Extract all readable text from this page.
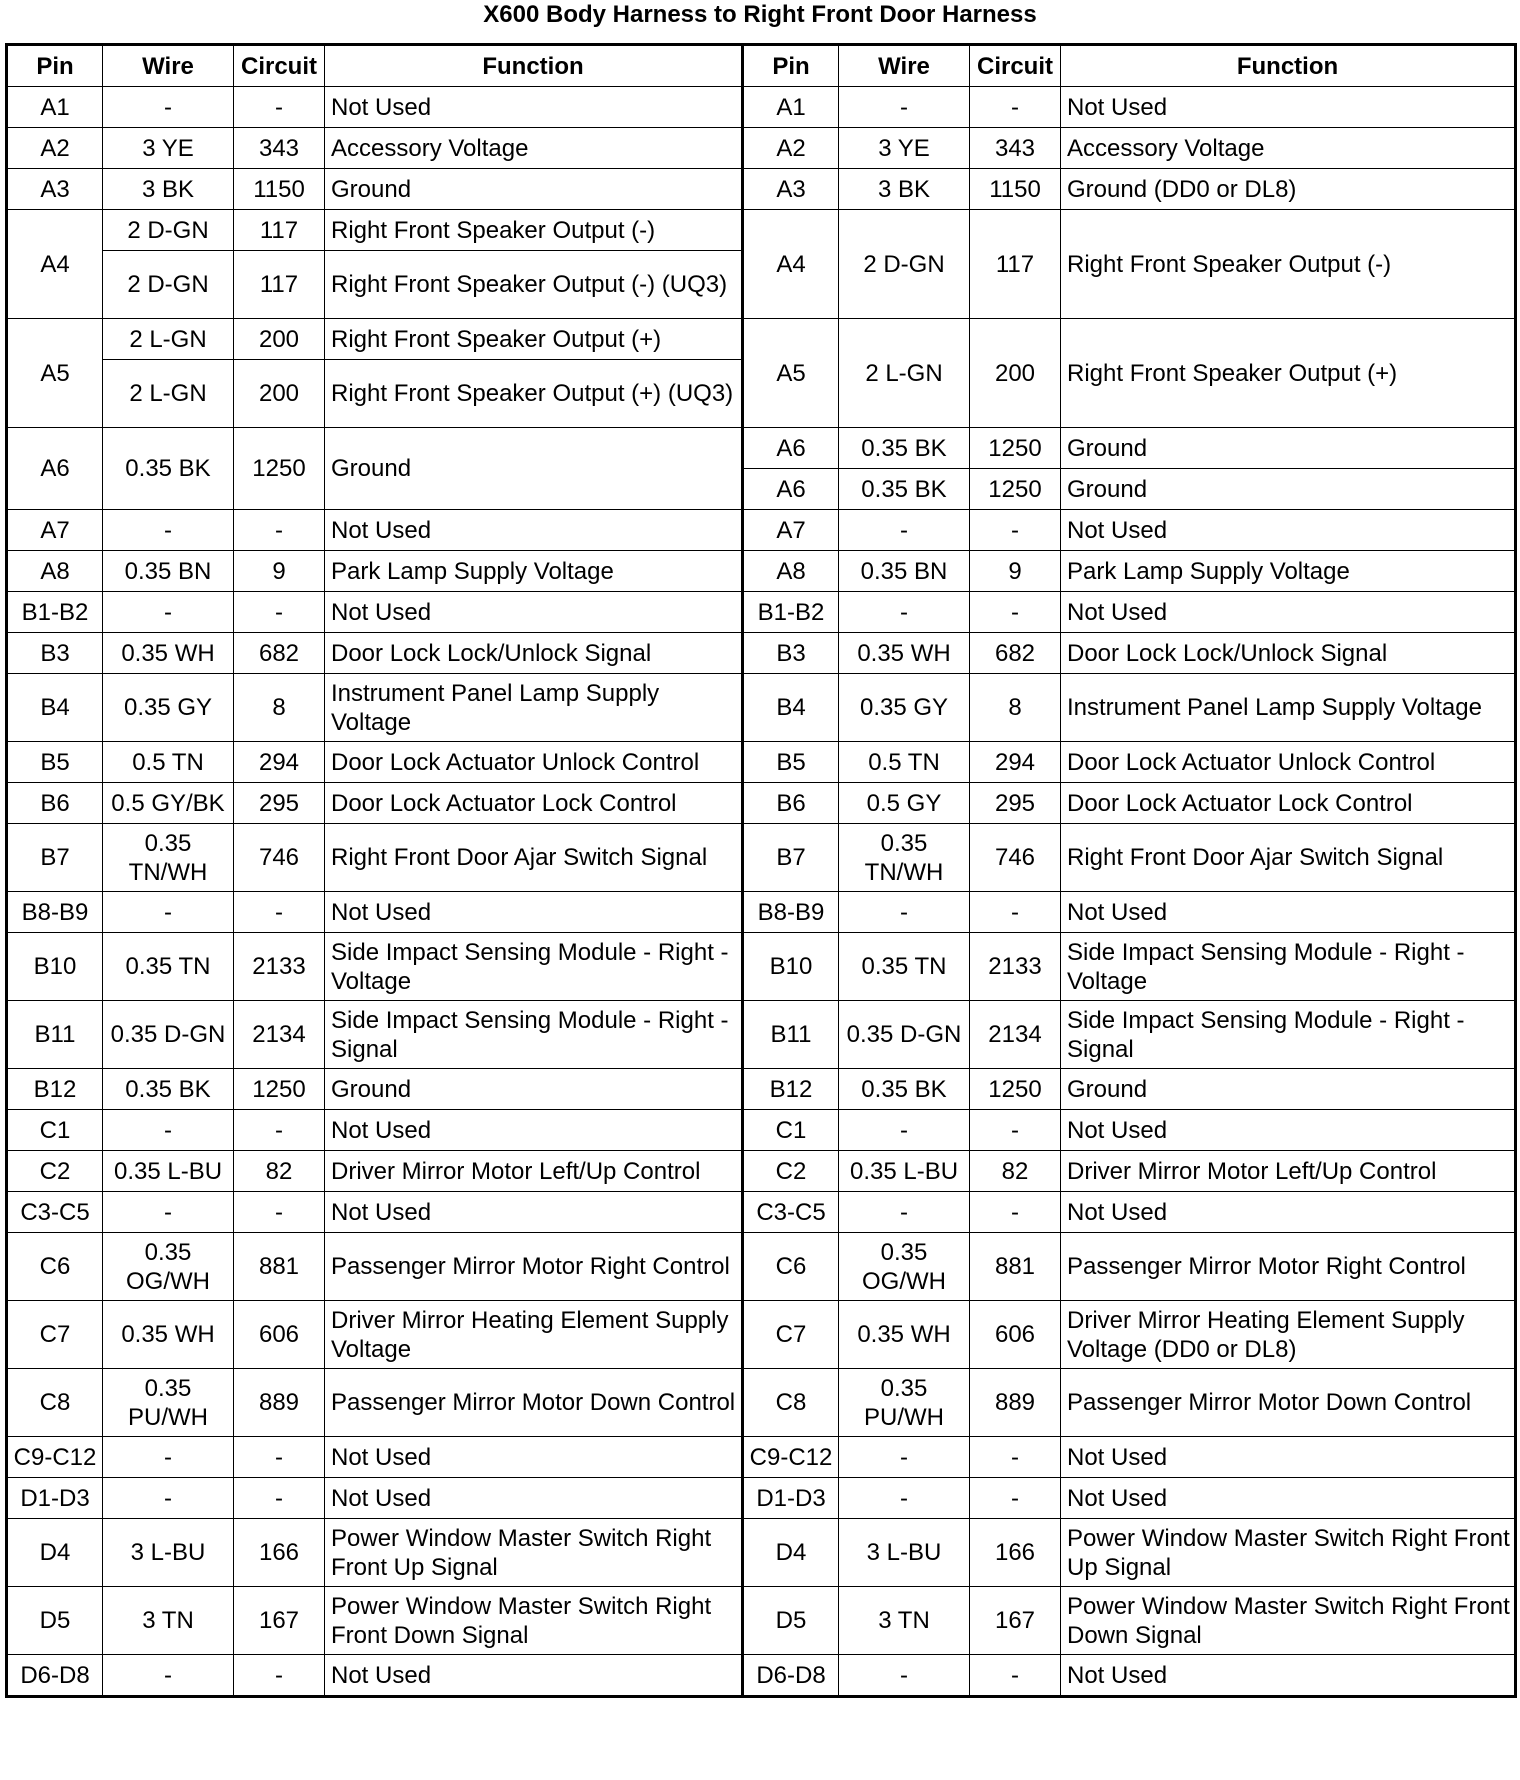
X600 Body Harness to Right Front Door Harness
Pin	Wire	Circuit	Function	Pin	Wire	Circuit	Function
A1	-	-	Not Used	A1	-	-	Not Used
A2	3 YE	343	Accessory Voltage	A2	3 YE	343	Accessory Voltage
A3	3 BK	1150	Ground	A3	3 BK	1150	Ground (DD0 or DL8)
A4	2 D-GN	117	Right Front Speaker Output (-)	A4	2 D-GN	117	Right Front Speaker Output (-)
	2 D-GN	117	Right Front Speaker Output (-) (UQ3)				
A5	2 L-GN	200	Right Front Speaker Output (+)	A5	2 L-GN	200	Right Front Speaker Output (+)
	2 L-GN	200	Right Front Speaker Output (+) (UQ3)				
A6	0.35 BK	1250	Ground	A6	0.35 BK	1250	Ground
				A6	0.35 BK	1250	Ground
A7	-	-	Not Used	A7	-	-	Not Used
A8	0.35 BN	9	Park Lamp Supply Voltage	A8	0.35 BN	9	Park Lamp Supply Voltage
B1-B2	-	-	Not Used	B1-B2	-	-	Not Used
B3	0.35 WH	682	Door Lock Lock/Unlock Signal	B3	0.35 WH	682	Door Lock Lock/Unlock Signal
B4	0.35 GY	8	Instrument Panel Lamp Supply Voltage	B4	0.35 GY	8	Instrument Panel Lamp Supply Voltage
B5	0.5 TN	294	Door Lock Actuator Unlock Control	B5	0.5 TN	294	Door Lock Actuator Unlock Control
B6	0.5 GY/BK	295	Door Lock Actuator Lock Control	B6	0.5 GY	295	Door Lock Actuator Lock Control
B7	0.35 TN/WH	746	Right Front Door Ajar Switch Signal	B7	0.35 TN/WH	746	Right Front Door Ajar Switch Signal
B8-B9	-	-	Not Used	B8-B9	-	-	Not Used
B10	0.35 TN	2133	Side Impact Sensing Module - Right - Voltage	B10	0.35 TN	2133	Side Impact Sensing Module - Right - Voltage
B11	0.35 D-GN	2134	Side Impact Sensing Module - Right - Signal	B11	0.35 D-GN	2134	Side Impact Sensing Module - Right - Signal
B12	0.35 BK	1250	Ground	B12	0.35 BK	1250	Ground
C1	-	-	Not Used	C1	-	-	Not Used
C2	0.35 L-BU	82	Driver Mirror Motor Left/Up Control	C2	0.35 L-BU	82	Driver Mirror Motor Left/Up Control
C3-C5	-	-	Not Used	C3-C5	-	-	Not Used
C6	0.35 OG/WH	881	Passenger Mirror Motor Right Control	C6	0.35 OG/WH	881	Passenger Mirror Motor Right Control
C7	0.35 WH	606	Driver Mirror Heating Element Supply Voltage	C7	0.35 WH	606	Driver Mirror Heating Element Supply Voltage (DD0 or DL8)
C8	0.35 PU/WH	889	Passenger Mirror Motor Down Control	C8	0.35 PU/WH	889	Passenger Mirror Motor Down Control
C9-C12	-	-	Not Used	C9-C12	-	-	Not Used
D1-D3	-	-	Not Used	D1-D3	-	-	Not Used
D4	3 L-BU	166	Power Window Master Switch Right Front Up Signal	D4	3 L-BU	166	Power Window Master Switch Right Front Up Signal
D5	3 TN	167	Power Window Master Switch Right Front Down Signal	D5	3 TN	167	Power Window Master Switch Right Front Down Signal
D6-D8	-	-	Not Used	D6-D8	-	-	Not Used
